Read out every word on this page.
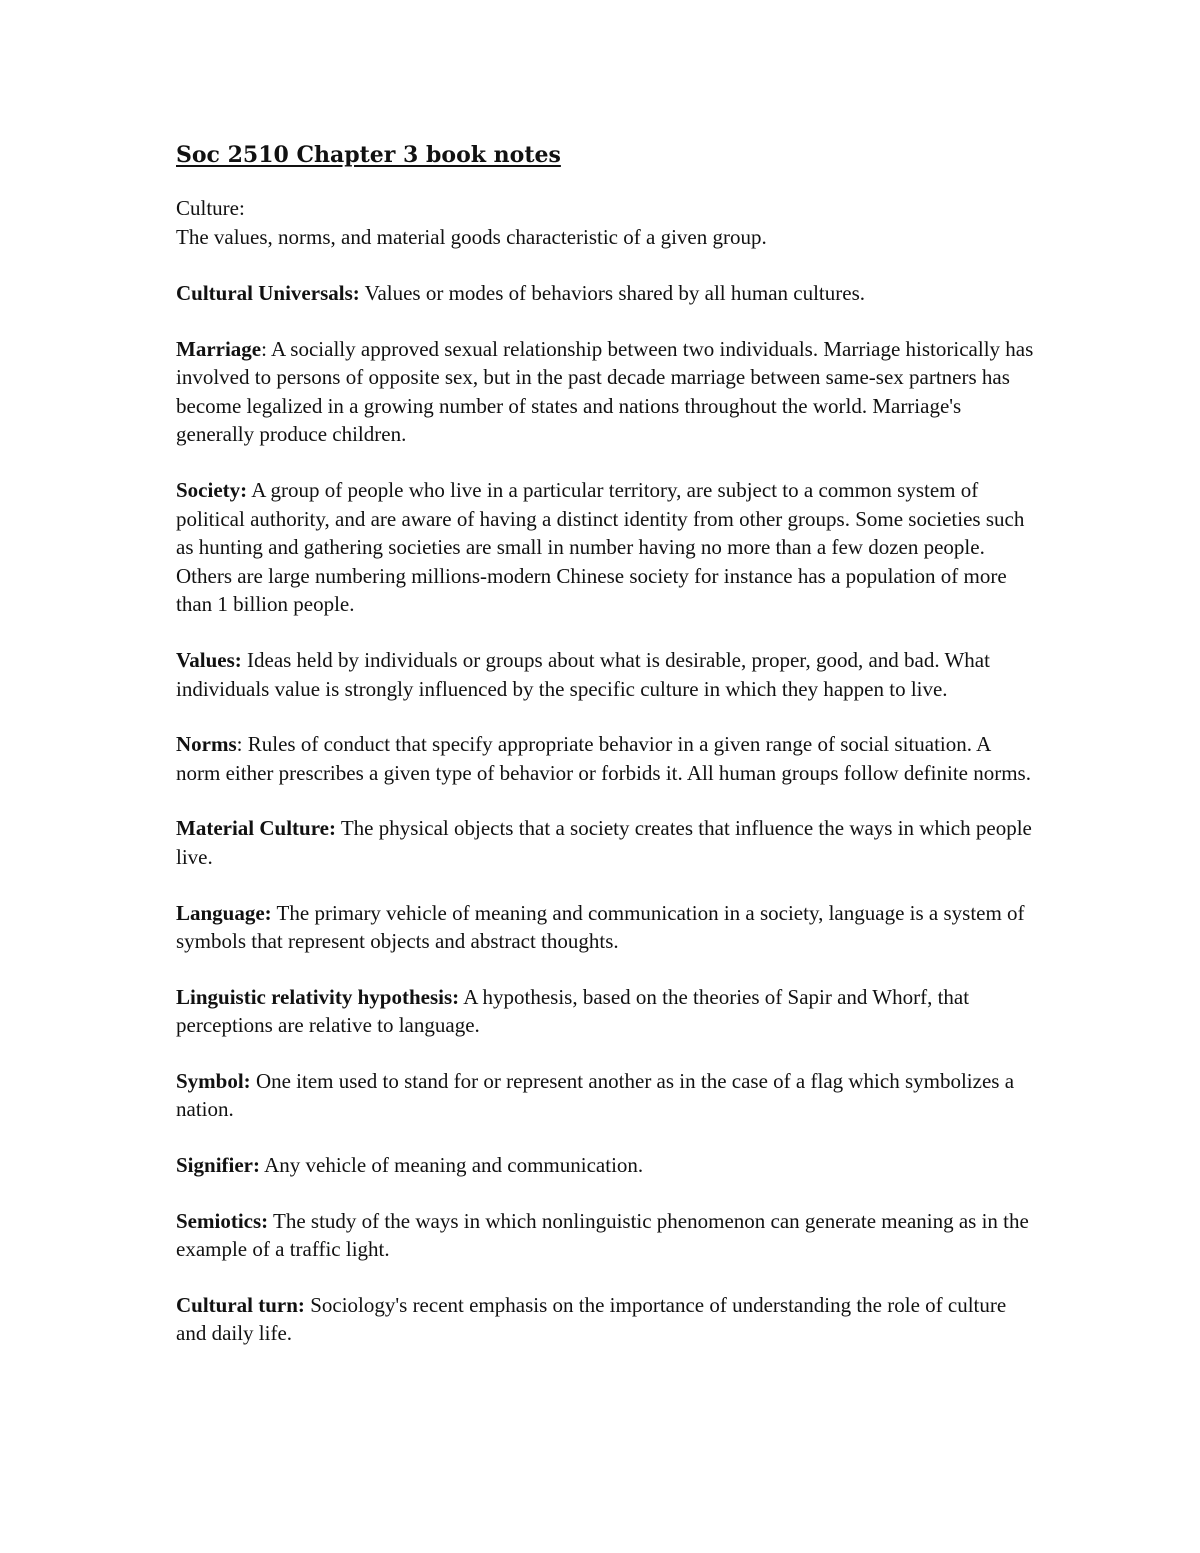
Soc 2510 Chapter 3 book notes

Culture:

The values, norms, and material goods characteristic of a given group.

Cultural Universals: Values or modes of behaviors shared by all human cultures.

Marriage: A socially approved sexual relationship between two individuals. Marriage historically has involved to persons of opposite sex, but in the past decade marriage between same-sex partners has become legalized in a growing number of states and nations throughout the world. Marriage's generally produce children.

Society: A group of people who live in a particular territory, are subject to a common system of political authority, and are aware of having a distinct identity from other groups. Some societies such as hunting and gathering societies are small in number having no more than a few dozen people. Others are large numbering millions-modern Chinese society for instance has a population of more than 1 billion people.

Values: Ideas held by individuals or groups about what is desirable, proper, good, and bad. What individuals value is strongly influenced by the specific culture in which they happen to live.

Norms: Rules of conduct that specify appropriate behavior in a given range of social situation. A norm either prescribes a given type of behavior or forbids it. All human groups follow definite norms.

Material Culture: The physical objects that a society creates that influence the ways in which people live.

Language: The primary vehicle of meaning and communication in a society, language is a system of symbols that represent objects and abstract thoughts.

Linguistic relativity hypothesis: A hypothesis, based on the theories of Sapir and Whorf, that perceptions are relative to language.

Symbol: One item used to stand for or represent another as in the case of a flag which symbolizes a nation.

Signifier: Any vehicle of meaning and communication.

Semiotics: The study of the ways in which nonlinguistic phenomenon can generate meaning as in the example of a traffic light.

Cultural turn: Sociology's recent emphasis on the importance of understanding the role of culture and daily life.
